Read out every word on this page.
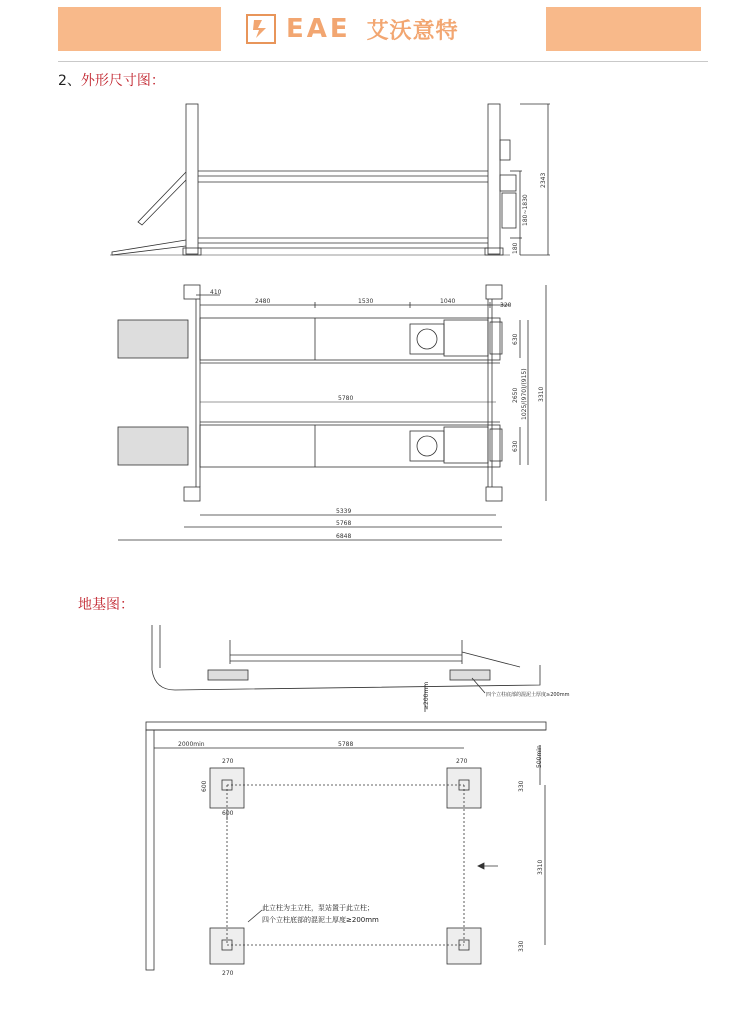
EAE 艾沃意特
2、外形尺寸图：
地基图：
2343
180~1830
180
410
2480	1530	1040
320
630
2650	3310
1025/(970)/(915)
630
5780
5339
5768
6848
≥200mm	四个立柱底部的混泥土厚度≥200mm
2000min	5788
270	270
600
600
330
500min
3310
330
270
此立柱为主立柱，泵站置于此立柱；
四个立柱底部的混泥土厚度≥200mm
